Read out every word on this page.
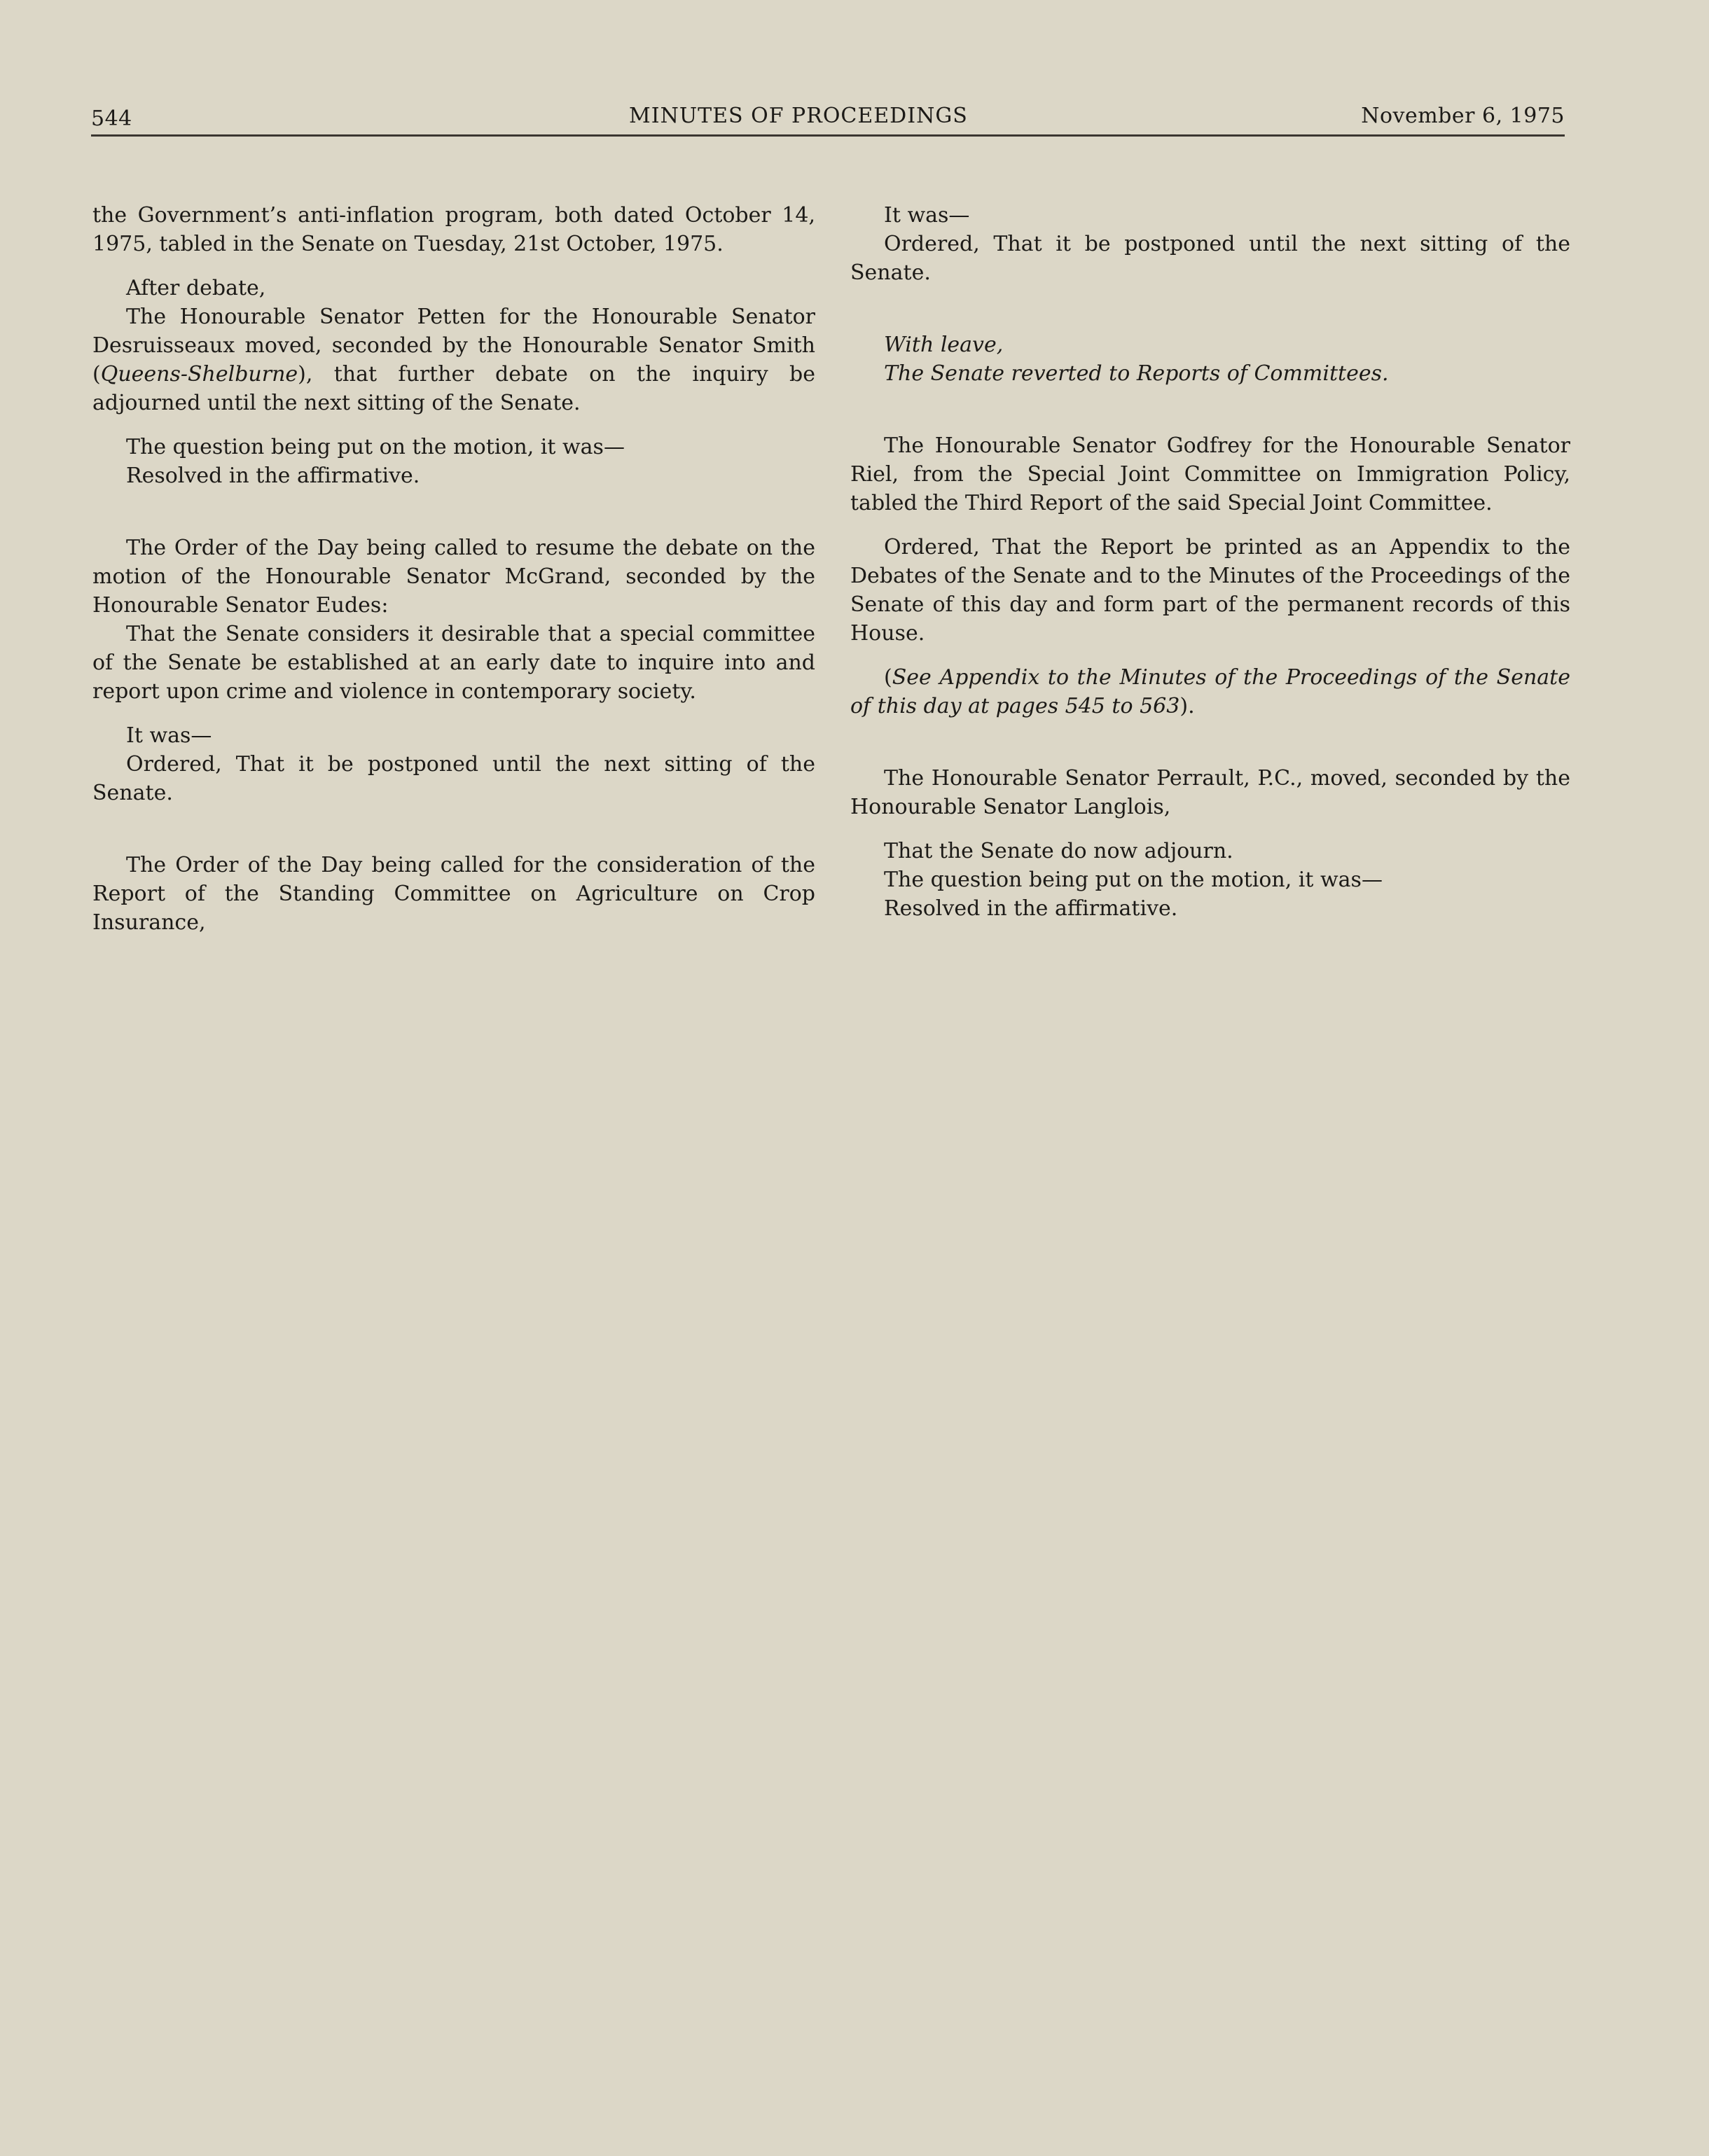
544	MINUTES OF PROCEEDINGS	November 6, 1975

the Government’s anti-inflation program, both dated October 14, 1975, tabled in the Senate on Tuesday, 21st October, 1975.

After debate,

The Honourable Senator Petten for the Honourable Senator Desruisseaux moved, seconded by the Honourable Senator Smith (Queens-Shelburne), that further debate on the inquiry be adjourned until the next sitting of the Senate.

The question being put on the motion, it was—

Resolved in the affirmative.

The Order of the Day being called to resume the debate on the motion of the Honourable Senator McGrand, seconded by the Honourable Senator Eudes:

That the Senate considers it desirable that a special committee of the Senate be established at an early date to inquire into and report upon crime and violence in contemporary society.

It was—

Ordered, That it be postponed until the next sitting of the Senate.

The Order of the Day being called for the consideration of the Report of the Standing Committee on Agriculture on Crop Insurance,

It was—

Ordered, That it be postponed until the next sitting of the Senate.

With leave,

The Senate reverted to Reports of Committees.

The Honourable Senator Godfrey for the Honourable Senator Riel, from the Special Joint Committee on Immigration Policy, tabled the Third Report of the said Special Joint Committee.

Ordered, That the Report be printed as an Appendix to the Debates of the Senate and to the Minutes of the Proceedings of the Senate of this day and form part of the permanent records of this House.

(See Appendix to the Minutes of the Proceedings of the Senate of this day at pages 545 to 563).

The Honourable Senator Perrault, P.C., moved, seconded by the Honourable Senator Langlois,

That the Senate do now adjourn.

The question being put on the motion, it was—

Resolved in the affirmative.
